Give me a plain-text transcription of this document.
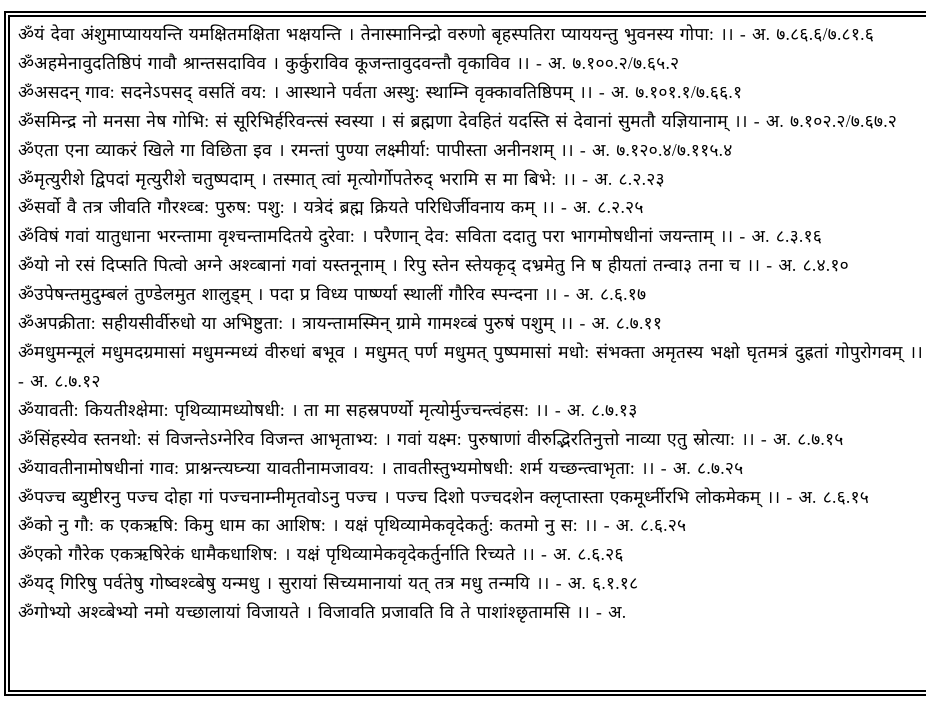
ॐयं देवा अंशुमाप्याययन्ति यमक्षितमक्षिता भक्षयन्ति । तेनास्मानिन्द्रो वरुणो बृहस्पतिरा प्याययन्तु भुवनस्य गोपा: ।। - अ. ७.८६.६/७.८१.६

ॐअहमेनावुदतिष्ठिपं गावौ श्रान्तसदाविव । कुर्कुराविव कूजन्तावुदवन्तौ वृकाविव ।। - अ. ७.१००.२/७.६५.२

ॐअसदन् गाव: सदनेऽपसद् वसतिं वय: । आस्थाने पर्वता अस्थु: स्थाम्नि वृक्कावतिष्ठिपम् ।। - अ. ७.१०१.१/७.६६.१

ॐसमिन्द्र नो मनसा नेष गोभि: सं सूरिभिर्हरिवन्त्सं स्वस्या । सं ब्रह्मणा देवहितं यदस्ति सं देवानां सुमतौ यज्ञियानाम् ।। - अ. ७.१०२.२/७.६७.२

ॐएता एना व्याकरं खिले गा विछिता इव । रमन्तां पुण्या लक्ष्मीर्या: पापीस्ता अनीनशम् ।। - अ. ७.१२०.४/७.११५.४

ॐमृत्युरीशे द्विपदां मृत्युरीशे चतुष्पदाम् । तस्मात् त्वां मृत्योर्गोपतेरुद् भरामि स मा बिभे: ।। - अ. ८.२.२३

ॐसर्वो वै तत्र जीवति गौरश्व्ब: पुरुष: पशु: । यत्रेदं ब्रह्म क्रियते परिधिर्जीवनाय कम् ।। - अ. ८.२.२५

ॐविषं गवां यातुधाना भरन्तामा वृश्चन्तामदितये दुरेवा: । परैणान् देव: सविता ददातु परा भागमोषधीनां जयन्ताम् ।। - अ. ८.३.१६

ॐयो नो रसं दिप्सति पित्वो अग्ने अश्व्बानां गवां यस्तनूनाम् । रिपु स्तेन स्तेयकृद् दभ्रमेतु नि ष हीयतां तन्वा३ तना च ।। - अ. ८.४.१०

ॐउपेषन्तमुदुम्बलं तुण्डेलमुत शालुड्म् । पदा प्र विध्य पार्ष्ण्या स्थालीं गौरिव स्पन्दना ।। - अ. ८.६.१७

ॐअपक्रीता: सहीयसीर्वीरुधो या अभिष्टुता: । त्रायन्तामस्मिन् ग्रामे गामश्व्बं पुरुषं पशुम् ।। - अ. ८.७.११

ॐमधुमन्मूलं मधुमदग्रमासां मधुमन्मध्यं वीरुधां बभूव । मधुमत् पर्ण मधुमत् पुष्पमासां मधो: संभक्ता अमृतस्य भक्षो घृतमत्रं दुह्रतां गोपुरोगवम् ।। - अ. ८.७.१२

ॐयावती: कियतीश्क्षेमा: पृथिव्यामध्योषधी: । ता मा सहस्रपर्ण्यो मृत्योर्मुज्चन्त्वंहस: ।। - अ. ८.७.१३

ॐसिंहस्येव स्तनथो: सं विजन्तेऽग्नेरिव विजन्त आभृताभ्य: । गवां यक्ष्म: पुरुषाणां वीरुद्भिरतिनुत्तो नाव्या एतु स्रोत्या: ।। - अ. ८.७.१५

ॐयावतीनामोषधीनां गाव: प्राश्नन्त्यघ्न्या यावतीनामजावय: । तावतीस्तुभ्यमोषधी: शर्म यच्छन्त्वाभृता: ।। - अ. ८.७.२५

ॐपज्च ब्युष्टीरनु पज्च दोहा गां पज्चनाम्नीमृतवोऽनु पज्च । पज्च दिशो पज्चदशेन क्लृप्तास्ता एकमूर्ध्नीरभि लोकमेकम् ।। - अ. ८.६.१५

ॐको नु गौ: क एकऋषि: किमु धाम का आशिष: । यक्षं पृथिव्यामेकवृदेकर्तु: कतमो नु स: ।। - अ. ८.६.२५

ॐएको गौरेक एकऋषिरेकं धामैकधाशिष: । यक्षं पृथिव्यामेकवृदेकर्तुर्नाति रिच्यते ।। - अ. ८.६.२६

ॐयद् गिरिषु पर्वतेषु गोष्वश्व्बेषु यन्मधु । सुरायां सिच्यमानायां यत् तत्र मधु तन्मयि ।। - अ. ६.१.१८

ॐगोभ्यो अश्व्बेभ्यो नमो यच्छालायां विजायते । विजावति प्रजावति वि ते पाशांश्छृतामसि ।। - अ.
